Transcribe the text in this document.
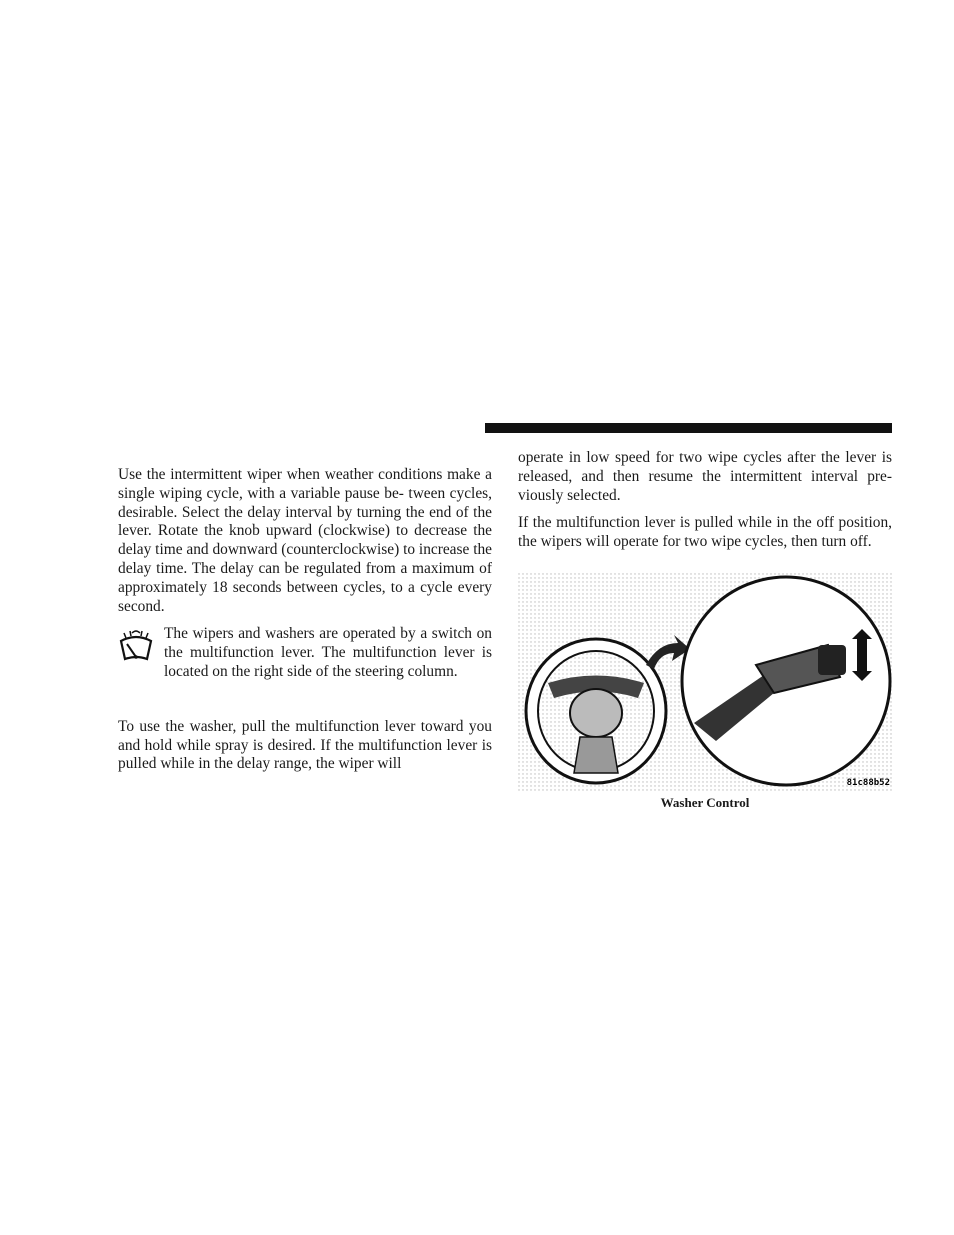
Use the intermittent wiper when weather conditions make a single wiping cycle, with a variable pause be- tween cycles, desirable. Select the delay interval by turning the end of the lever. Rotate the knob upward (clockwise) to decrease the delay time and downward (counterclockwise) to increase the delay time. The delay can be regulated from a maximum of approximately 18 seconds between cycles, to a cycle every second.

The wipers and washers are operated by a switch on the multifunction lever. The multifunction lever is located on the right side of the steering column.

To use the washer, pull the multifunction lever toward you and hold while spray is desired. If the multifunction lever is pulled while in the delay range, the wiper will

operate in low speed for two wipe cycles after the lever is released, and then resume the intermittent interval pre- viously selected.

If the multifunction lever is pulled while in the off position, the wipers will operate for two wipe cycles, then turn off.

81c88b52
Washer Control
